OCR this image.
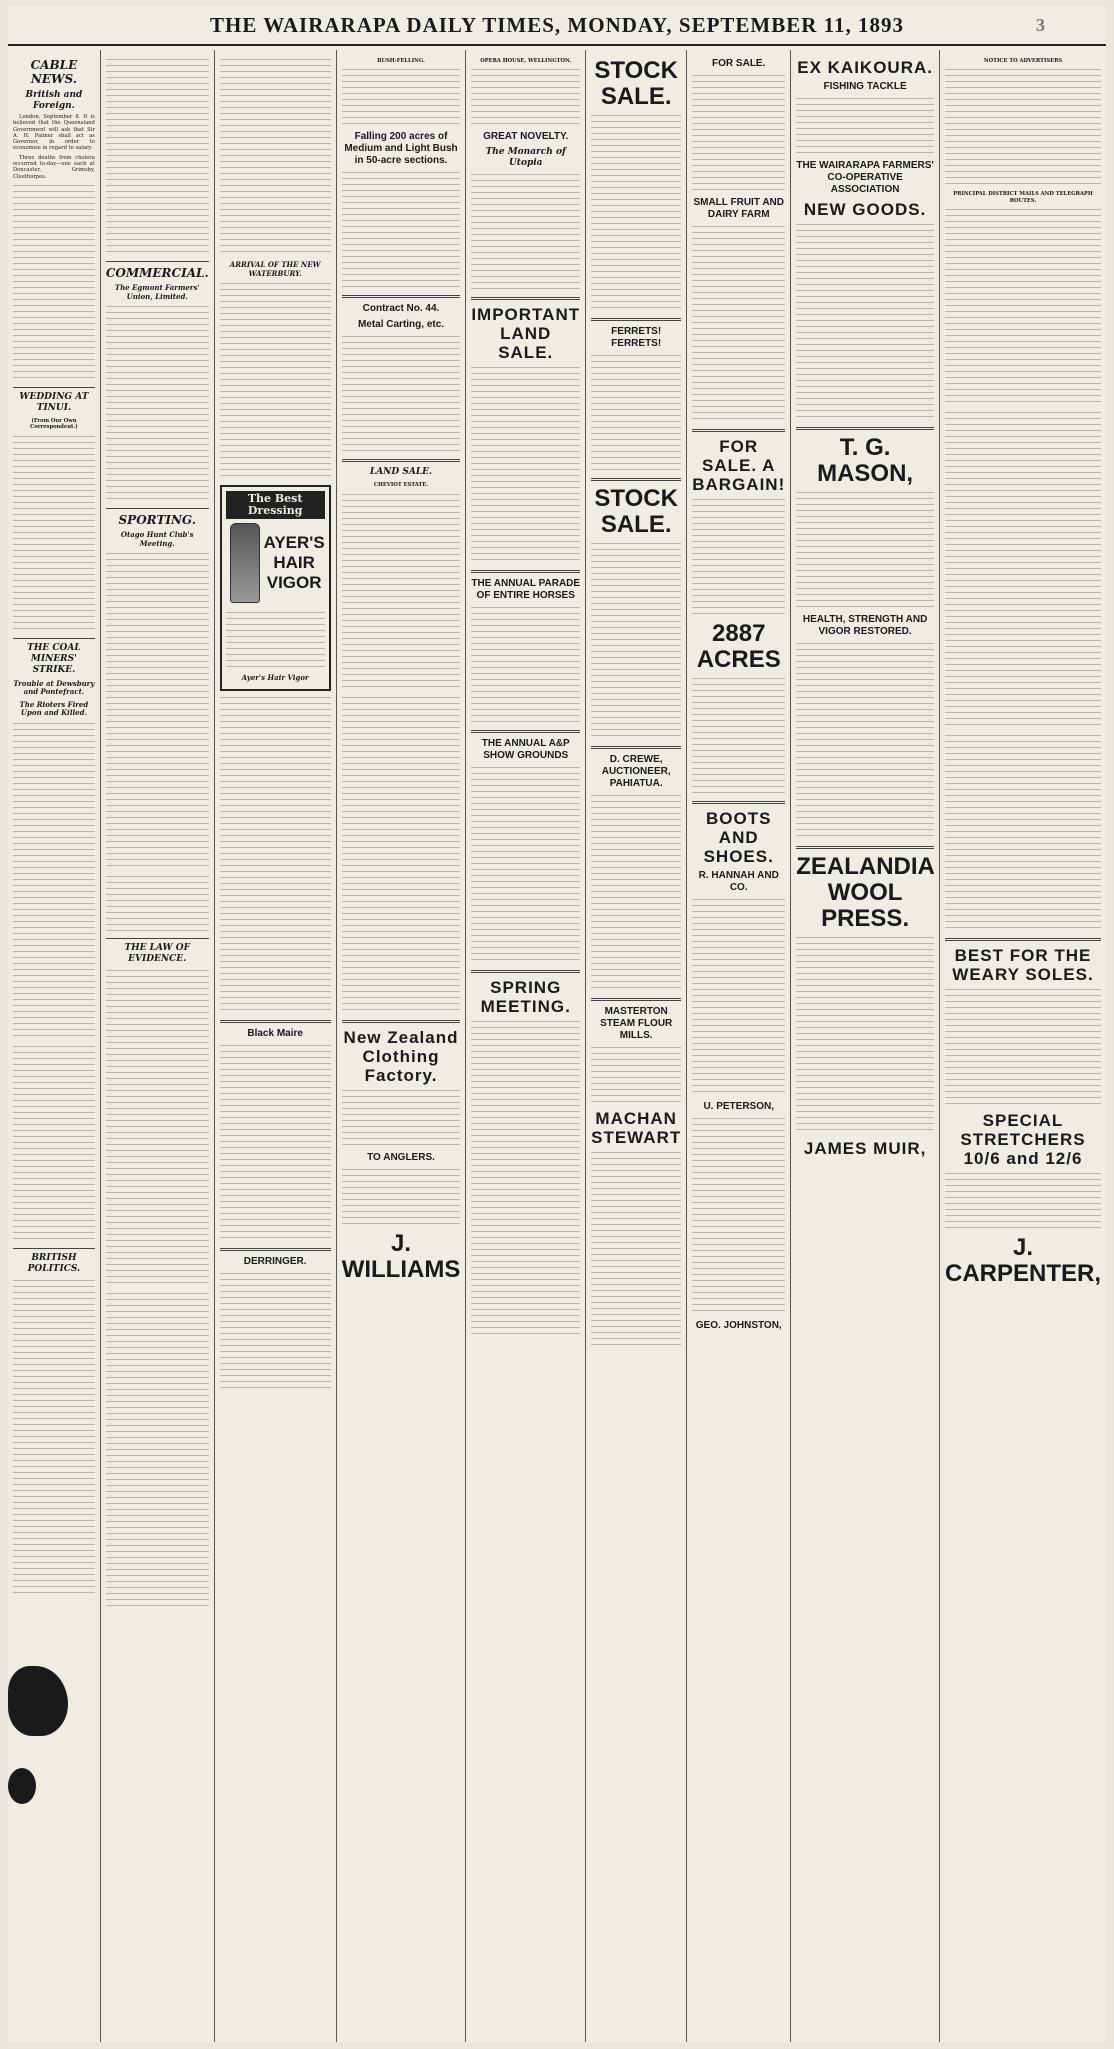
THE WAIRARAPA DAILY TIMES, MONDAY, SEPTEMBER 11, 1893	3
CABLE NEWS.
British and Foreign.

London, September 8. It is believed that the Queensland Government will ask that Sir A. H. Palmer shall act as Governor, in order to economise in regard to salary.

Three deaths from cholera occurred to-day—one each at Doncaster, Grimsby, Cleethorpes.

WEDDING AT TINUI.
(From Our Own Correspondent.)
THE COAL MINERS' STRIKE.
Trouble at Dewsbury and Pontefract.
The Rioters Fired Upon and Killed.
BRITISH POLITICS.
COMMERCIAL.
The Egmont Farmers' Union, Limited.
SPORTING.
Otago Hunt Club's Meeting.
THE LAW OF EVIDENCE.
ARRIVAL OF THE NEW WATERBURY.
The Best Dressing
AYER'S
HAIR
VIGOR
Ayer's Hair Vigor
Black Maire
DERRINGER.
BUSH-FELLING.
Falling 200 acres of Medium and Light Bush in 50-acre sections.
Contract No. 44.
Metal Carting, etc.
LAND SALE.
CHEVIOT ESTATE.
New Zealand Clothing Factory.
TO ANGLERS.
J. WILLIAMS
OPERA HOUSE, WELLINGTON.
GREAT NOVELTY.
The Monarch of Utopia
IMPORTANT LAND SALE.
THE ANNUAL PARADE OF ENTIRE HORSES
THE ANNUAL A&P SHOW GROUNDS
SPRING MEETING.
STOCK SALE.
FERRETS! FERRETS!
STOCK SALE.
D. CREWE, AUCTIONEER, PAHIATUA.
MASTERTON STEAM FLOUR MILLS.
MACHAN STEWART
FOR SALE.
SMALL FRUIT AND DAIRY FARM
FOR SALE. A BARGAIN!
2887 ACRES
BOOTS AND SHOES.
R. HANNAH AND CO.
U. PETERSON,
GEO. JOHNSTON,
EX KAIKOURA.
FISHING TACKLE
THE WAIRARAPA FARMERS' CO-OPERATIVE ASSOCIATION
NEW GOODS.
T. G. MASON,
HEALTH, STRENGTH AND VIGOR RESTORED.
ZEALANDIA WOOL PRESS.
JAMES MUIR,
NOTICE TO ADVERTISERS
PRINCIPAL DISTRICT MAILS AND TELEGRAPH ROUTES.
BEST FOR THE WEARY SOLES.
SPECIAL STRETCHERS 10/6 and 12/6
J. CARPENTER,
